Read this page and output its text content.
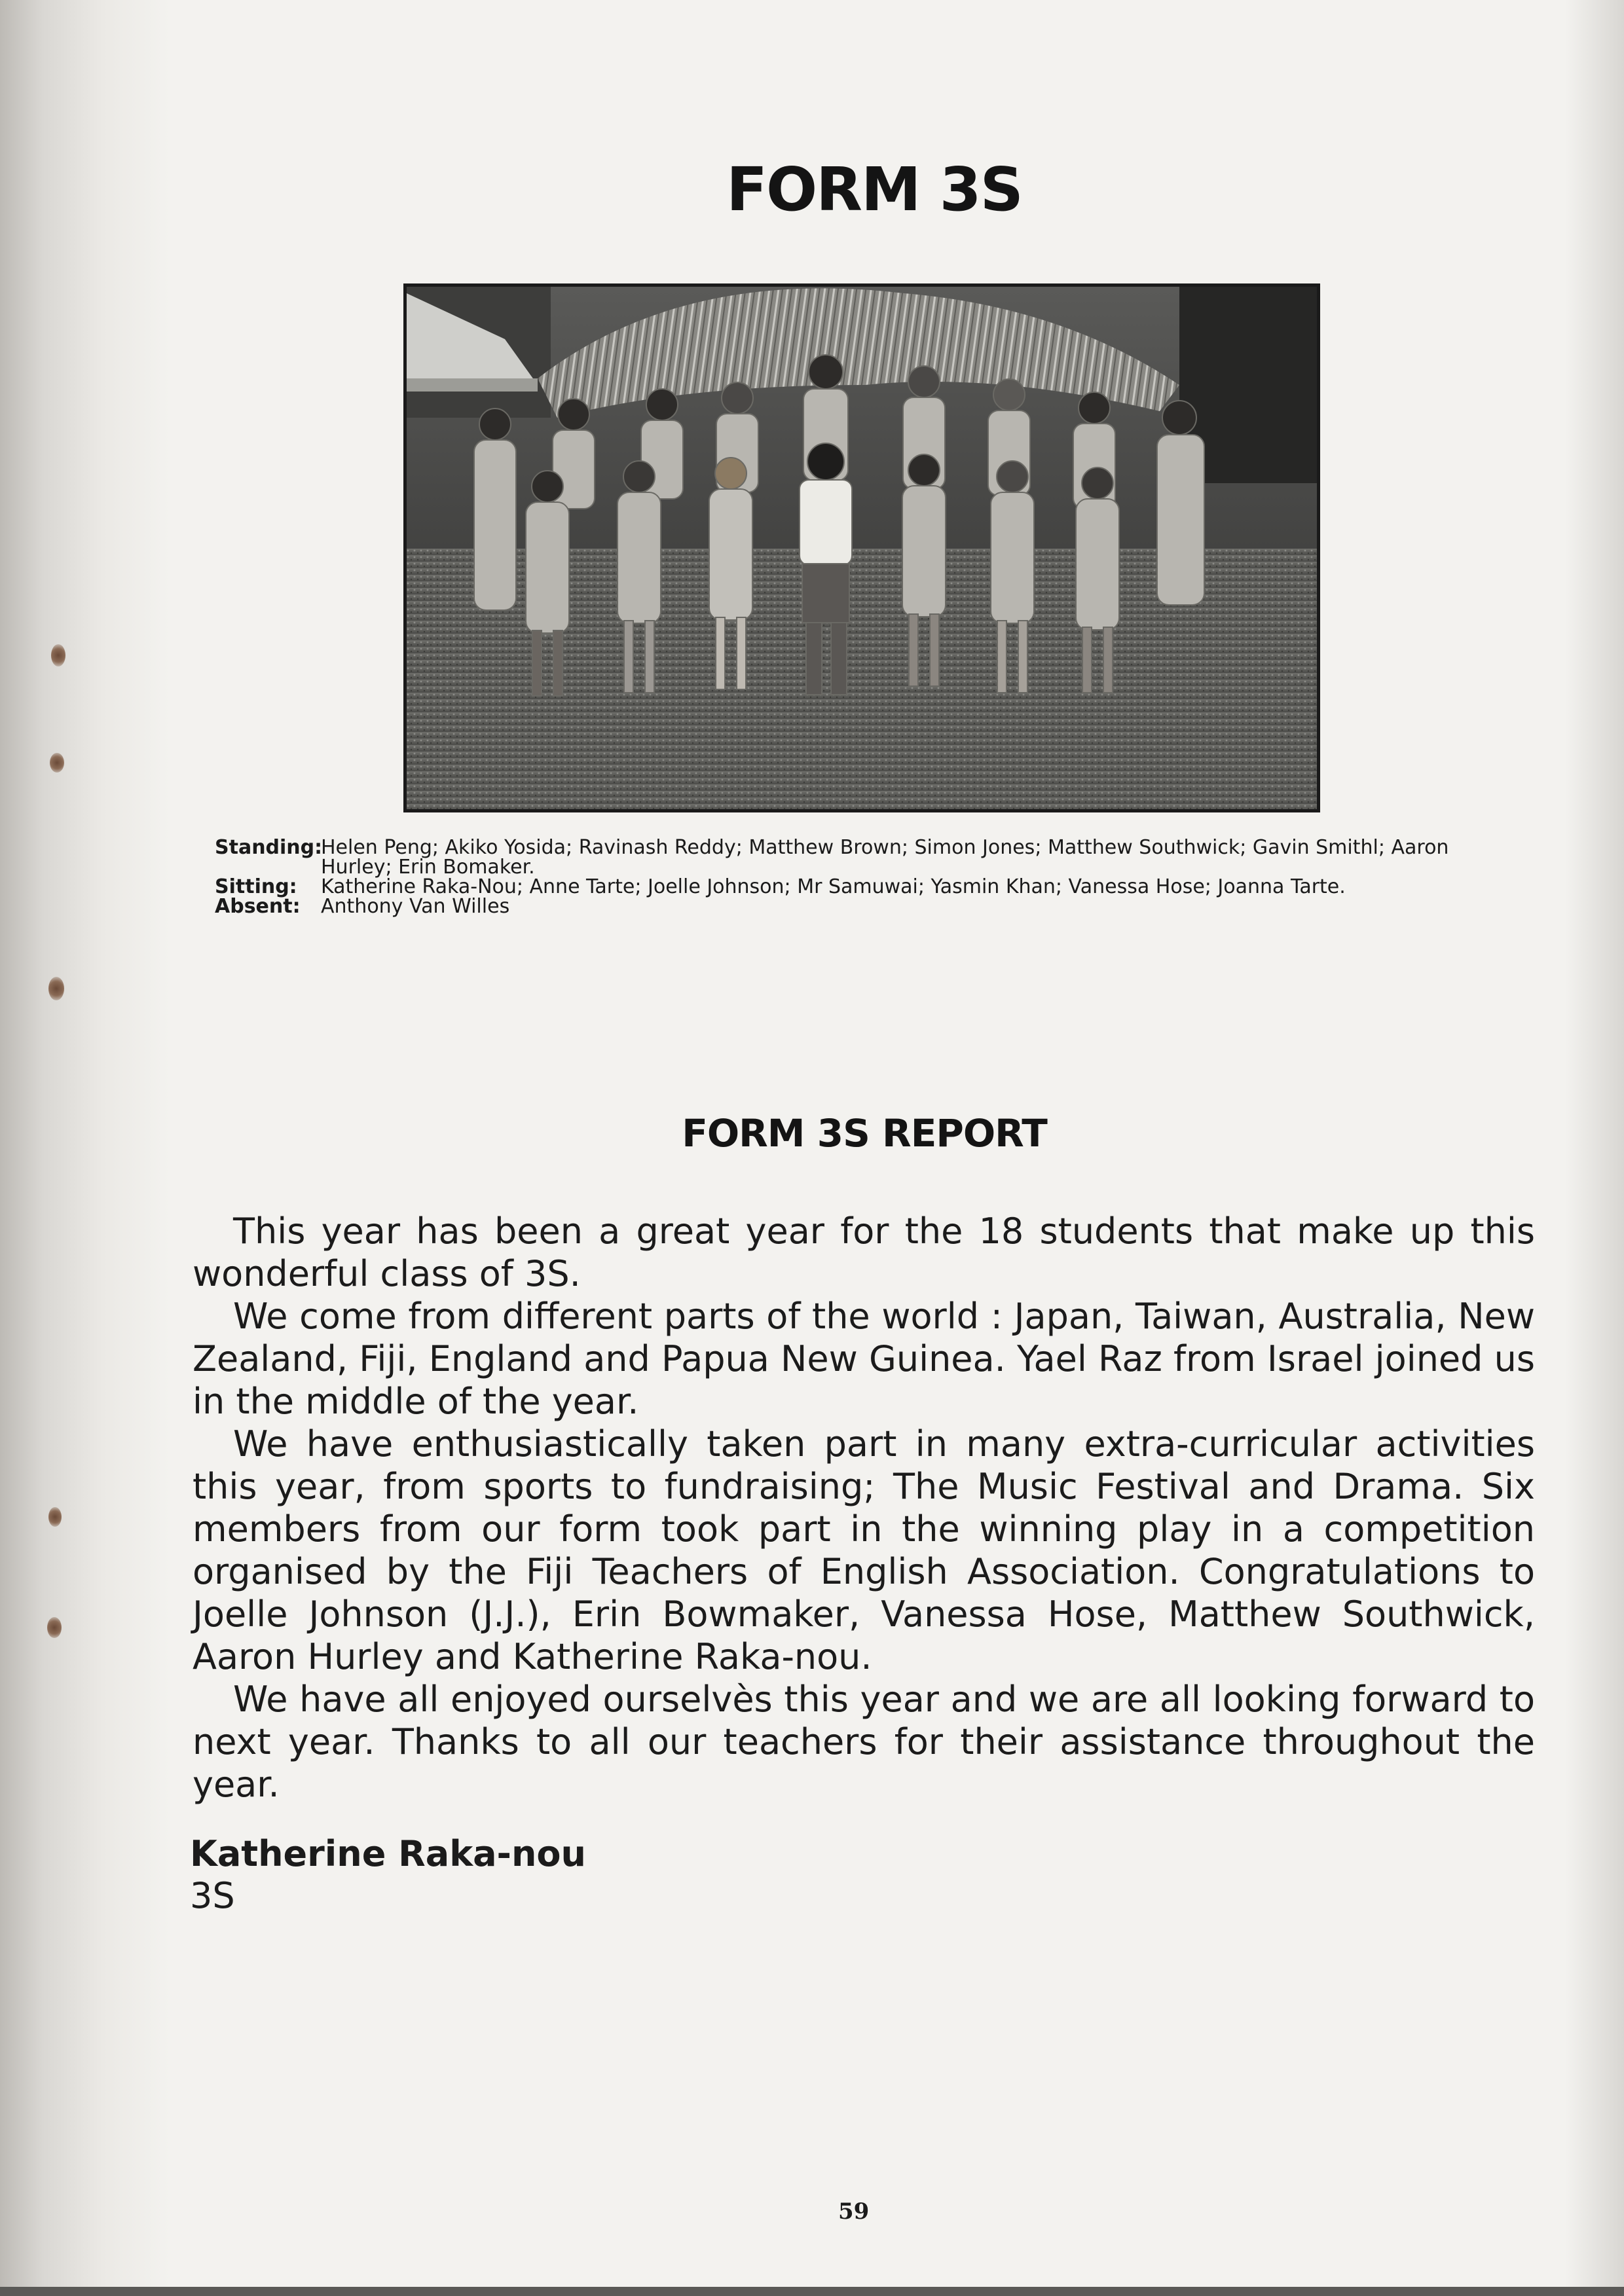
FORM 3S
Standing:
Helen Peng; Akiko Yosida; Ravinash Reddy; Matthew Brown; Simon Jones; Matthew Southwick; Gavin Smithl; Aaron Hurley; Erin Bomaker.
Sitting:	Katherine Raka-Nou; Anne Tarte; Joelle Johnson; Mr Samuwai; Yasmin Khan; Vanessa Hose; Joanna Tarte.
Absent:	Anthony Van Willes
FORM 3S REPORT

This year has been a great year for the 18 students that make up this wonderful class of 3S.

We come from different parts of the world : Japan, Taiwan, Australia, New Zealand, Fiji, England and Papua New Guinea. Yael Raz from Israel joined us in the middle of the year.

We have enthusiastically taken part in many extra-curricular activities this year, from sports to fundraising; The Music Festival and Drama. Six members from our form took part in the winning play in a competition organised by the Fiji Teachers of English Association. Congratulations to Joelle Johnson (J.J.), Erin Bowmaker, Vanessa Hose, Matthew Southwick, Aaron Hurley and Katherine Raka-nou.

We have all enjoyed ourselvès this year and we are all looking forward to next year. Thanks to all our teachers for their assistance throughout the year.

Katherine Raka-nou
3S
59
